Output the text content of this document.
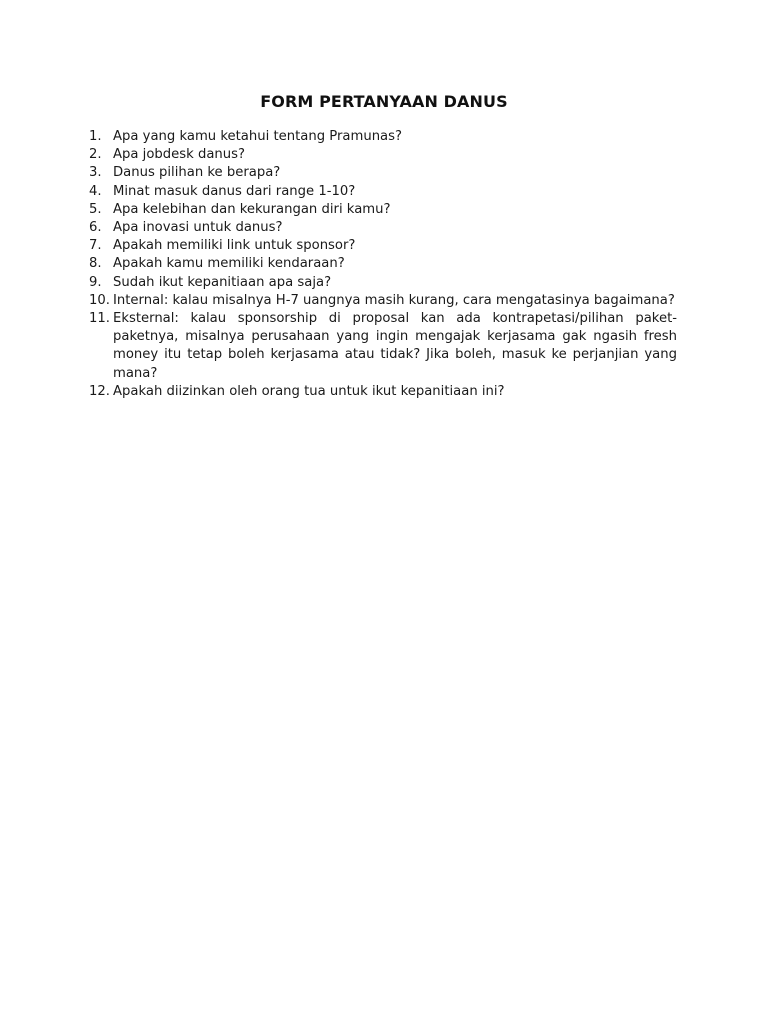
FORM PERTANYAAN DANUS
1. Apa yang kamu ketahui tentang Pramunas?
2. Apa jobdesk danus?
3. Danus pilihan ke berapa?
4. Minat masuk danus dari range 1-10?
5. Apa kelebihan dan kekurangan diri kamu?
6. Apa inovasi untuk danus?
7. Apakah memiliki link untuk sponsor?
8. Apakah kamu memiliki kendaraan?
9. Sudah ikut kepanitiaan apa saja?
10. Internal: kalau misalnya H-7 uangnya masih kurang, cara mengatasinya bagaimana?
11. Eksternal: kalau sponsorship di proposal kan ada kontrapetasi/pilihan paket-paketnya, misalnya perusahaan yang ingin mengajak kerjasama gak ngasih fresh money itu tetap boleh kerjasama atau tidak? Jika boleh, masuk ke perjanjian yang mana?
12. Apakah diizinkan oleh orang tua untuk ikut kepanitiaan ini?
